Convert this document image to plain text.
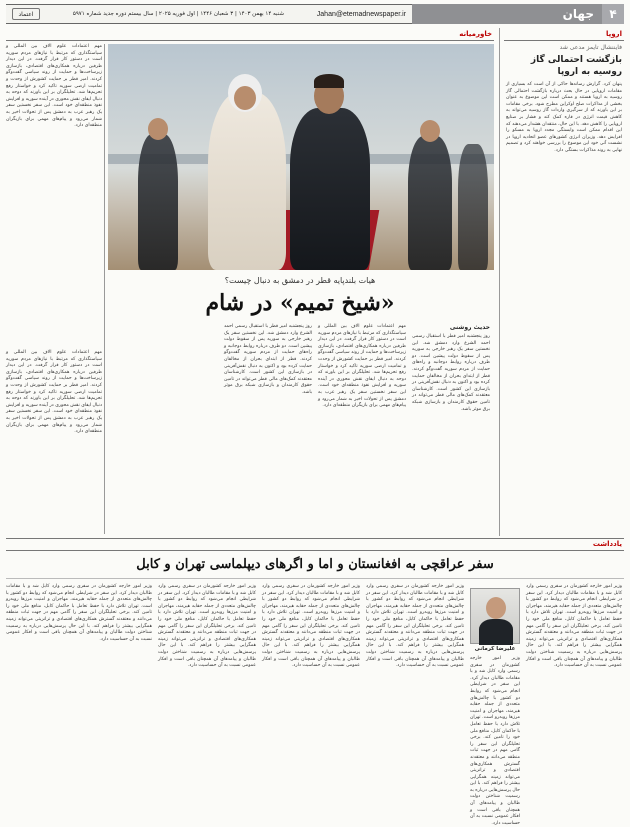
۴
جهان
Jahan@etemadnewspaper.ir
شنبه ۱۴ بهمن ۱۴۰۳ | ۳ شعبان ۱۴۴۶ | اول فوریه ۲۰۲۵ | سال بیستم دوره جدید شماره ۵۹۷۱
اعتماد
اروپا
فایننشال تایمز مدعی شد
بازگشت احتمالی گاز روسیه به اروپا
پنهان کرد. گزارش رسانه‌ها حاکی از آن است که بسیاری از مقامات اروپایی در حال بحث درباره بازگشت احتمالی گاز روسیه به اروپا هستند و ممکن است این موضوع به عنوان بخشی از مذاکرات صلح اوکراین مطرح شود. برخی مقامات بر این باورند که از سرگیری واردات گاز روسیه می‌تواند به کاهش قیمت انرژی در قاره کمک کند و فشار بر صنایع اروپایی را کاهش دهد. با این حال، منتقدان هشدار می‌دهند که این اقدام ممکن است وابستگی مجدد اروپا به مسکو را افزایش دهد. وزیران انرژی کشورهای عضو اتحادیه اروپا در نشست آتی خود این موضوع را بررسی خواهند کرد و تصمیم نهایی به روند مذاکرات بستگی دارد.
خاورمیانه
مهم اعتمادات علوم الاف بین المللی و سیاستگذاری که مرتبط با نیازهای مردم سوریه است در دستور کار قرار گرفت. در این دیدار طرفین درباره همکاری‌های اقتصادی، بازسازی زیرساخت‌ها و حمایت از روند سیاسی گفت‌وگو کردند. امیر قطر بر حمایت کشورش از وحدت و تمامیت ارضی سوریه تاکید کرد و خواستار رفع تحریم‌ها شد. تحلیلگران بر این باورند که دوحه به دنبال ایفای نقش محوری در آینده سوریه و افزایش نفوذ منطقه‌ای خود است. این سفر نخستین سفر یک رهبر عرب به دمشق پس از تحولات اخیر به شمار می‌رود و پیام‌های مهمی برای بازیگران منطقه‌ای دارد.
هیات بلندپایه قطر در دمشق به دنبال چیست؟
«شیخ تمیم» در شام
حدیث روشنی
روز پنجشنبه امیر قطر با استقبال رسمی احمد الشرع وارد دمشق شد. این نخستین سفر یک رهبر خارجی به سوریه پس از سقوط دولت پیشین است. دو طرف درباره روابط دوجانبه و راه‌های حمایت از مردم سوریه گفت‌وگو کردند. قطر از ابتدای بحران از مخالفان حمایت کرده بود و اکنون به دنبال نقش‌آفرینی در بازسازی این کشور است. کارشناسان معتقدند کمک‌های مالی قطر می‌تواند در تامین حقوق کارمندان و بازسازی شبکه برق موثر باشد.
مهم اعتمادات علوم الاف بین المللی و سیاستگذاری که مرتبط با نیازهای مردم سوریه است در دستور کار قرار گرفت. در این دیدار طرفین درباره همکاری‌های اقتصادی، بازسازی زیرساخت‌ها و حمایت از روند سیاسی گفت‌وگو کردند. امیر قطر بر حمایت کشورش از وحدت و تمامیت ارضی سوریه تاکید کرد و خواستار رفع تحریم‌ها شد. تحلیلگران بر این باورند که دوحه به دنبال ایفای نقش محوری در آینده سوریه و افزایش نفوذ منطقه‌ای خود است. این سفر نخستین سفر یک رهبر عرب به دمشق پس از تحولات اخیر به شمار می‌رود و پیام‌های مهمی برای بازیگران منطقه‌ای دارد.
روز پنجشنبه امیر قطر با استقبال رسمی احمد الشرع وارد دمشق شد. این نخستین سفر یک رهبر خارجی به سوریه پس از سقوط دولت پیشین است. دو طرف درباره روابط دوجانبه و راه‌های حمایت از مردم سوریه گفت‌وگو کردند. قطر از ابتدای بحران از مخالفان حمایت کرده بود و اکنون به دنبال نقش‌آفرینی در بازسازی این کشور است. کارشناسان معتقدند کمک‌های مالی قطر می‌تواند در تامین حقوق کارمندان و بازسازی شبکه برق موثر باشد.
مهم اعتمادات علوم الاف بین المللی و سیاستگذاری که مرتبط با نیازهای مردم سوریه است در دستور کار قرار گرفت. در این دیدار طرفین درباره همکاری‌های اقتصادی، بازسازی زیرساخت‌ها و حمایت از روند سیاسی گفت‌وگو کردند. امیر قطر بر حمایت کشورش از وحدت و تمامیت ارضی سوریه تاکید کرد و خواستار رفع تحریم‌ها شد. تحلیلگران بر این باورند که دوحه به دنبال ایفای نقش محوری در آینده سوریه و افزایش نفوذ منطقه‌ای خود است. این سفر نخستین سفر یک رهبر عرب به دمشق پس از تحولات اخیر به شمار می‌رود و پیام‌های مهمی برای بازیگران منطقه‌ای دارد.
یادداشت
سفر عراقچی به افغانستان و اما و اگرهای دیپلماسی تهران و کابل
علیرضا کرمانی
وزیر امور خارجه کشورمان در سفری رسمی وارد کابل شد و با مقامات طالبان دیدار کرد. این سفر در شرایطی انجام می‌شود که روابط دو کشور با چالش‌های متعددی از جمله حقابه هیرمند، مهاجران و امنیت مرزها روبه‌رو است. تهران تلاش دارد با حفظ تعامل با حاکمان کابل، منافع ملی خود را تامین کند. برخی تحلیلگران این سفر را گامی مهم در جهت ثبات منطقه می‌دانند و معتقدند گسترش همکاری‌های اقتصادی و ترانزیتی می‌تواند زمینه همگرایی بیشتر را فراهم کند. با این حال پرسش‌هایی درباره به رسمیت شناختن دولت طالبان و پیامدهای آن همچنان باقی است و افکار عمومی نسبت به آن حساسیت دارد.
وزیر امور خارجه کشورمان در سفری رسمی وارد کابل شد و با مقامات طالبان دیدار کرد. این سفر در شرایطی انجام می‌شود که روابط دو کشور با چالش‌های متعددی از جمله حقابه هیرمند، مهاجران و امنیت مرزها روبه‌رو است. تهران تلاش دارد با حفظ تعامل با حاکمان کابل، منافع ملی خود را تامین کند. برخی تحلیلگران این سفر را گامی مهم در جهت ثبات منطقه می‌دانند و معتقدند گسترش همکاری‌های اقتصادی و ترانزیتی می‌تواند زمینه همگرایی بیشتر را فراهم کند. با این حال پرسش‌هایی درباره به رسمیت شناختن دولت طالبان و پیامدهای آن همچنان باقی است و افکار عمومی نسبت به آن حساسیت دارد.
وزیر امور خارجه کشورمان در سفری رسمی وارد کابل شد و با مقامات طالبان دیدار کرد. این سفر در شرایطی انجام می‌شود که روابط دو کشور با چالش‌های متعددی از جمله حقابه هیرمند، مهاجران و امنیت مرزها روبه‌رو است. تهران تلاش دارد با حفظ تعامل با حاکمان کابل، منافع ملی خود را تامین کند. برخی تحلیلگران این سفر را گامی مهم در جهت ثبات منطقه می‌دانند و معتقدند گسترش همکاری‌های اقتصادی و ترانزیتی می‌تواند زمینه همگرایی بیشتر را فراهم کند. با این حال پرسش‌هایی درباره به رسمیت شناختن دولت طالبان و پیامدهای آن همچنان باقی است و افکار عمومی نسبت به آن حساسیت دارد.
وزیر امور خارجه کشورمان در سفری رسمی وارد کابل شد و با مقامات طالبان دیدار کرد. این سفر در شرایطی انجام می‌شود که روابط دو کشور با چالش‌های متعددی از جمله حقابه هیرمند، مهاجران و امنیت مرزها روبه‌رو است. تهران تلاش دارد با حفظ تعامل با حاکمان کابل، منافع ملی خود را تامین کند. برخی تحلیلگران این سفر را گامی مهم در جهت ثبات منطقه می‌دانند و معتقدند گسترش همکاری‌های اقتصادی و ترانزیتی می‌تواند زمینه همگرایی بیشتر را فراهم کند. با این حال پرسش‌هایی درباره به رسمیت شناختن دولت طالبان و پیامدهای آن همچنان باقی است و افکار عمومی نسبت به آن حساسیت دارد.
وزیر امور خارجه کشورمان در سفری رسمی وارد کابل شد و با مقامات طالبان دیدار کرد. این سفر در شرایطی انجام می‌شود که روابط دو کشور با چالش‌های متعددی از جمله حقابه هیرمند، مهاجران و امنیت مرزها روبه‌رو است. تهران تلاش دارد با حفظ تعامل با حاکمان کابل، منافع ملی خود را تامین کند. برخی تحلیلگران این سفر را گامی مهم در جهت ثبات منطقه می‌دانند و معتقدند گسترش همکاری‌های اقتصادی و ترانزیتی می‌تواند زمینه همگرایی بیشتر را فراهم کند. با این حال پرسش‌هایی درباره به رسمیت شناختن دولت طالبان و پیامدهای آن همچنان باقی است و افکار عمومی نسبت به آن حساسیت دارد.
وزیر امور خارجه کشورمان در سفری رسمی وارد کابل شد و با مقامات طالبان دیدار کرد. این سفر در شرایطی انجام می‌شود که روابط دو کشور با چالش‌های متعددی از جمله حقابه هیرمند، مهاجران و امنیت مرزها روبه‌رو است. تهران تلاش دارد با حفظ تعامل با حاکمان کابل، منافع ملی خود را تامین کند. برخی تحلیلگران این سفر را گامی مهم در جهت ثبات منطقه می‌دانند و معتقدند گسترش همکاری‌های اقتصادی و ترانزیتی می‌تواند زمینه همگرایی بیشتر را فراهم کند. با این حال پرسش‌هایی درباره به رسمیت شناختن دولت طالبان و پیامدهای آن همچنان باقی است و افکار عمومی نسبت به آن حساسیت دارد.
